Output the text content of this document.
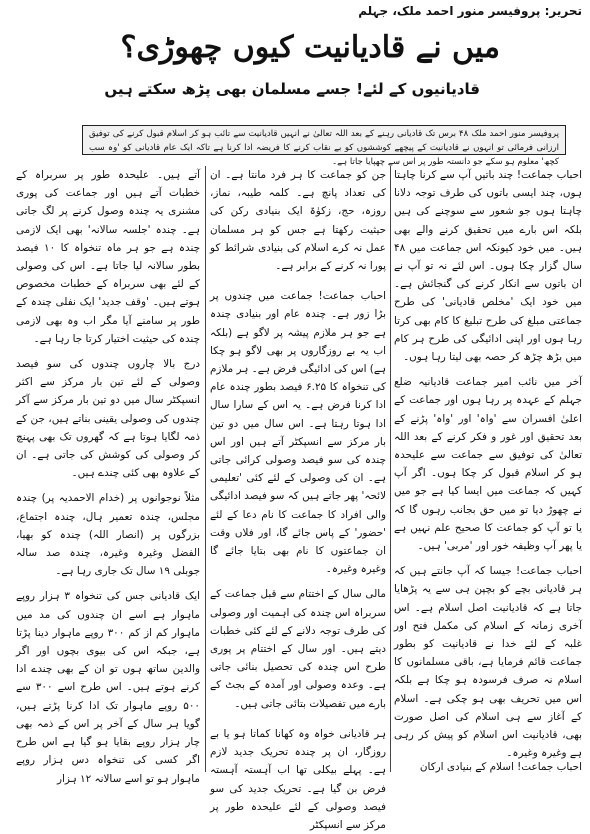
تحریر: پروفیسر منور احمد ملک، جہلم
میں نے قادیانیت کیوں چھوڑی؟
قادیانیوں کے لئے! جسے مسلمان بھی پڑھ سکتے ہیں
پروفیسر منور احمد ملک ۴۸ برس تک قادیانی رہنے کے بعد اللہ تعالیٰ نے انہیں قادیانیت سے تائب ہو کر اسلام قبول کرنے کی توفیق ارزانی فرمائی تو انہوں نے قادیانیت کے پیچھے کوششوں کو بے نقاب کرنے کا فریضہ ادا کرنا ہے تاکہ ایک عام قادیانی کو 'وہ سب کچھ' معلوم ہو سکے جو دانستہ طور پر اس سے چھپایا جاتا ہے۔

احباب جماعت! چند باتیں آپ سے کرنا چاہتا ہوں، چند ایسی باتوں کی طرف توجہ دلانا چاہتا ہوں جو شعور سے سوچنے کی ہیں بلکہ اس بارے میں تحقیق کرنے والے بھی ہیں۔ میں خود کیونکہ اس جماعت میں ۴۸ سال گزار چکا ہوں۔ اس لئے نہ تو آپ نے ان باتوں سے انکار کرنے کی گنجائش ہے۔ میں خود ایک 'مخلص قادیانی' کی طرح جماعتی مبلغ کی طرح تبلیغ کا کام بھی کرتا رہا ہوں اور اپنی ادائیگی کی طرح ہر کام میں بڑھ چڑھ کر حصہ بھی لیتا رہا ہوں۔

آخر میں نائب امیر جماعت قادیانیہ ضلع جہلم کے عہدہ پر رہا ہوں اور جماعت کے اعلیٰ افسران سے 'واہ' اور 'واہ' پڑنے کے بعد تحقیق اور غور و فکر کرنے کے بعد اللہ تعالیٰ کی توفیق سے جماعت سے علیحدہ ہو کر اسلام قبول کر چکا ہوں۔ اگر آپ کہیں کہ جماعت میں ایسا کیا ہے جو میں نے چھوڑ دیا تو میں حق بجانب رہوں گا کہ یا تو آپ کو جماعت کا صحیح علم نہیں ہے یا پھر آپ وظیفہ خور اور 'مربی' ہیں۔

احباب جماعت! جیسا کہ آپ جانتے ہیں کہ ہر قادیانی بچے کو بچپن ہی سے یہ پڑھایا جاتا ہے کہ قادیانیت اصل اسلام ہے۔ اس آخری زمانہ کے اسلام کی مکمل فتح اور غلبہ کے لئے خدا نے قادیانیت کو بطور جماعت قائم فرمایا ہے، باقی مسلمانوں کا اسلام نہ صرف فرسودہ ہو چکا ہے بلکہ اس میں تحریف بھی ہو چکی ہے۔ اسلام کے آغاز سے ہی اسلام کی اصل صورت بھی، قادیانیت اس اسلام کو پیش کر رہی ہے وغیرہ وغیرہ۔

جن کو جماعت کا ہر فرد مانتا ہے۔ ان کی تعداد پانچ ہے۔ کلمہ طیبہ، نماز، روزہ، حج، زکوٰۃ ایک بنیادی رکن کی حیثیت رکھتا ہے جس کو ہر مسلمان عمل نہ کرے اسلام کی بنیادی شرائط کو پورا نہ کرنے کے برابر ہے۔

احباب جماعت! جماعت میں چندوں پر بڑا زور ہے۔ چندہ عام اور بنیادی چندہ ہے جو ہر ملازم پیشہ پر لاگو ہے (بلکہ اب یہ بے روزگاروں پر بھی لاگو ہو چکا ہے) اس کی ادائیگی فرض ہے۔ ہر ملازم کی تنخواہ کا ۶.۲۵ فیصد بطور چندہ عام ادا کرنا فرض ہے۔ یہ اس کے سارا سال ادا ہوتا رہتا ہے۔ اس سال میں دو تین بار مرکز سے انسپکٹر آتے ہیں اور اس چندہ کی سو فیصد وصولی کرائی جاتی ہے۔ ان کی وصولی کے لئے کئی 'تعلیمی لائحہ' پھر جاتے ہیں کہ سو فیصد ادائیگی والی افراد کا جماعت کا نام دعا کے لئے 'حضور' کے پاس جائے گا، اور فلاں وقت ان جماعتوں کا نام بھی بتایا جائے گا وغیرہ وغیرہ۔

مالی سال کے اختتام سے قبل جماعت کے سربراہ اس چندہ کی اہمیت اور وصولی کی طرف توجہ دلانے کے لئے کئی خطبات دیتے ہیں۔ اور سال کے اختتام پر پوری طرح اس چندہ کی تحصیل بنائی جاتی ہے۔ وعدہ وصولی اور آمدہ کے بجٹ کے بارے میں تفصیلات بتائی جاتی ہیں۔

ہر قادیانی خواہ وہ کھانا کماتا ہو یا بے روزگار، ان پر چندہ تحریک جدید لازم ہے۔ پہلے بیکلی تھا اب آہستہ آہستہ فرض بن گیا ہے۔ تحریک جدید کی سو فیصد وصولی کے لئے علیحدہ طور پر مرکز سے انسپکٹر

آتے ہیں۔ علیحدہ طور پر سربراہ کے خطبات آتے ہیں اور جماعت کی پوری مشنری یہ چندہ وصول کرنے پر لگ جاتی ہے۔ چندہ 'جلسہ سالانہ' بھی ایک لازمی چندہ ہے جو ہر ماہ تنخواہ کا ۱۰ فیصد بطور سالانہ لیا جاتا ہے۔ اس کی وصولی کے لئے بھی سربراہ کے خطبات مخصوص ہوتے ہیں۔ 'وقف جدید' ایک نفلی چندہ کے طور پر سامنے آیا مگر اب وہ بھی لازمی چندہ کی حیثیت اختیار کرتا جا رہا ہے۔

درج بالا چاروں چندوں کی سو فیصد وصولی کے لئے تین بار مرکز سے اکثر انسپکٹر سال میں دو تین بار مرکز سے آکر چندوں کی وصولی یقینی بناتے ہیں، جن کے ذمہ لگایا ہوتا ہے کہ گھروں تک بھی پہنچ کر وصولی کی کوشش کی جاتی ہے۔ ان کے علاوہ بھی کئی چندے ہیں۔

مثلاً نوجوانوں پر (خدام الاحمدیہ پر) چندہ مجلس، چندہ تعمیر ہال، چندہ اجتماع، بزرگوں پر (انصار اللہ) چندہ کو بھیا، الفضل وغیرہ وغیرہ، چندہ صد سالہ جوبلی ۱۹ سال تک جاری رہا ہے۔

ایک قادیانی جس کی تنخواہ ۳ ہزار روپے ماہوار ہے اسے ان چندوں کی مد میں ماہوار کم از کم ۳۰۰ روپے ماہوار دینا پڑتا ہے، جبکہ اس کی بیوی بچوں اور اگر والدین ساتھ ہوں تو ان کے بھی چندے ادا کرنے ہوتے ہیں۔ اس طرح اسے ۳۰۰ سے ۵۰۰ روپے ماہوار تک ادا کرنا پڑتے ہیں، گویا ہر سال کے آخر پر اس کے ذمہ بھی چار ہزار روپے بقایا ہو گیا ہے اس طرح اگر کسی کی تنخواہ دس ہزار روپے ماہوار ہو تو اسے سالانہ ۱۲ ہزار

احباب جماعت! اسلام کے بنیادی ارکان
